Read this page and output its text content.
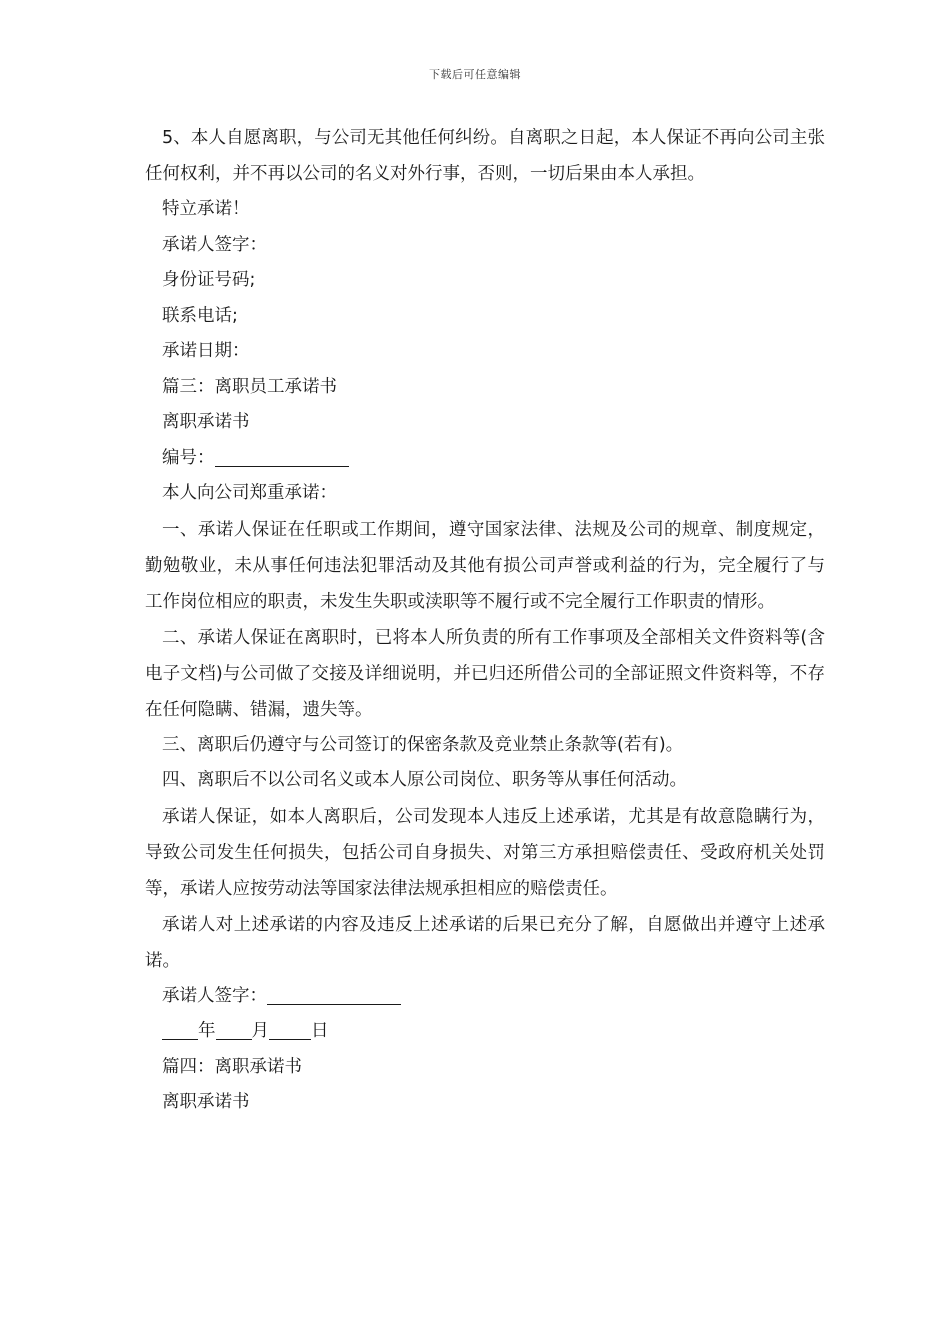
下载后可任意编辑

5、本人自愿离职，与公司无其他任何纠纷。自离职之日起，本人保证不再向公司主张任何权利，并不再以公司的名义对外行事，否则，一切后果由本人承担。

特立承诺！

承诺人签字：

身份证号码;

联系电话;

承诺日期：

篇三：离职员工承诺书

离职承诺书

编号：

本人向公司郑重承诺：

一、承诺人保证在任职或工作期间，遵守国家法律、法规及公司的规章、制度规定，勤勉敬业，未从事任何违法犯罪活动及其他有损公司声誉或利益的行为，完全履行了与工作岗位相应的职责，未发生失职或渎职等不履行或不完全履行工作职责的情形。

二、承诺人保证在离职时，已将本人所负责的所有工作事项及全部相关文件资料等(含电子文档)与公司做了交接及详细说明，并已归还所借公司的全部证照文件资料等，不存在任何隐瞒、错漏，遗失等。

三、离职后仍遵守与公司签订的保密条款及竞业禁止条款等(若有)。

四、离职后不以公司名义或本人原公司岗位、职务等从事任何活动。

承诺人保证，如本人离职后，公司发现本人违反上述承诺，尤其是有故意隐瞒行为，导致公司发生任何损失，包括公司自身损失、对第三方承担赔偿责任、受政府机关处罚等，承诺人应按劳动法等国家法律法规承担相应的赔偿责任。

承诺人对上述承诺的内容及违反上述承诺的后果已充分了解，自愿做出并遵守上述承诺。

承诺人签字：

年 月 日

篇四：离职承诺书

离职承诺书
